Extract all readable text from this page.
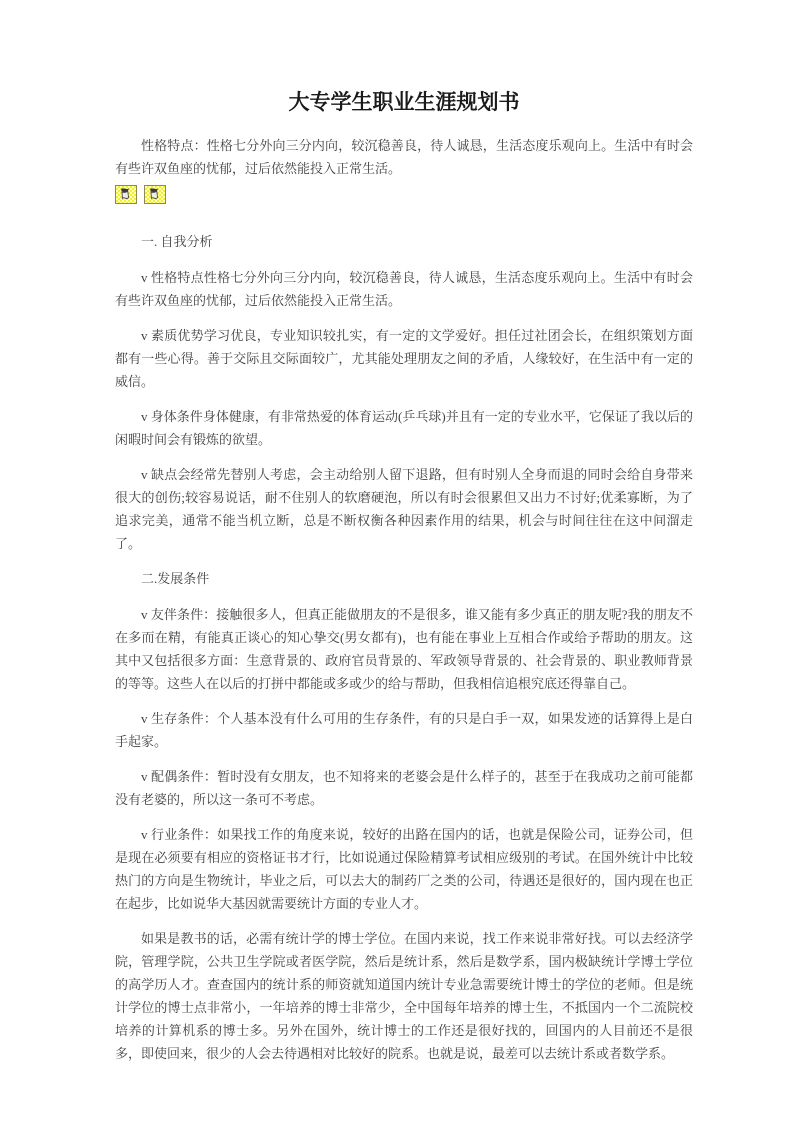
大专学生职业生涯规划书

性格特点：性格七分外向三分内向，较沉稳善良，待人诚恳，生活态度乐观向上。生活中有时会有些许双鱼座的忧郁，过后依然能投入正常生活。

一. 自我分析

v 性格特点性格七分外向三分内向，较沉稳善良，待人诚恳，生活态度乐观向上。生活中有时会有些许双鱼座的忧郁，过后依然能投入正常生活。

v 素质优势学习优良，专业知识较扎实，有一定的文学爱好。担任过社团会长，在组织策划方面都有一些心得。善于交际且交际面较广，尤其能处理朋友之间的矛盾，人缘较好，在生活中有一定的威信。

v 身体条件身体健康，有非常热爱的体育运动(乒乓球)并且有一定的专业水平，它保证了我以后的闲暇时间会有锻炼的欲望。

v 缺点会经常先替别人考虑，会主动给别人留下退路，但有时别人全身而退的同时会给自身带来很大的创伤;较容易说话，耐不住别人的软磨硬泡，所以有时会很累但又出力不讨好;优柔寡断，为了追求完美，通常不能当机立断，总是不断权衡各种因素作用的结果，机会与时间往往在这中间溜走了。

二.发展条件

v 友伴条件：接触很多人，但真正能做朋友的不是很多，谁又能有多少真正的朋友呢?我的朋友不在多而在精，有能真正谈心的知心挚交(男女都有)，也有能在事业上互相合作或给予帮助的朋友。这其中又包括很多方面：生意背景的、政府官员背景的、军政领导背景的、社会背景的、职业教师背景的等等。这些人在以后的打拼中都能或多或少的给与帮助，但我相信追根究底还得靠自己。

v 生存条件：个人基本没有什么可用的生存条件，有的只是白手一双，如果发迹的话算得上是白手起家。

v 配偶条件：暂时没有女朋友，也不知将来的老婆会是什么样子的，甚至于在我成功之前可能都没有老婆的，所以这一条可不考虑。

v 行业条件：如果找工作的角度来说，较好的出路在国内的话，也就是保险公司，证券公司，但是现在必须要有相应的资格证书才行，比如说通过保险精算考试相应级别的考试。在国外统计中比较热门的方向是生物统计，毕业之后，可以去大的制药厂之类的公司，待遇还是很好的，国内现在也正在起步，比如说华大基因就需要统计方面的专业人才。

如果是教书的话，必需有统计学的博士学位。在国内来说，找工作来说非常好找。可以去经济学院，管理学院，公共卫生学院或者医学院，然后是统计系，然后是数学系，国内极缺统计学博士学位的高学历人才。查查国内的统计系的师资就知道国内统计专业急需要统计博士的学位的老师。但是统计学位的博士点非常小，一年培养的博士非常少，全中国每年培养的博士生，不抵国内一个二流院校培养的计算机系的博士多。另外在国外，统计博士的工作还是很好找的，回国内的人目前还不是很多，即使回来，很少的人会去待遇相对比较好的院系。也就是说，最差可以去统计系或者数学系。
